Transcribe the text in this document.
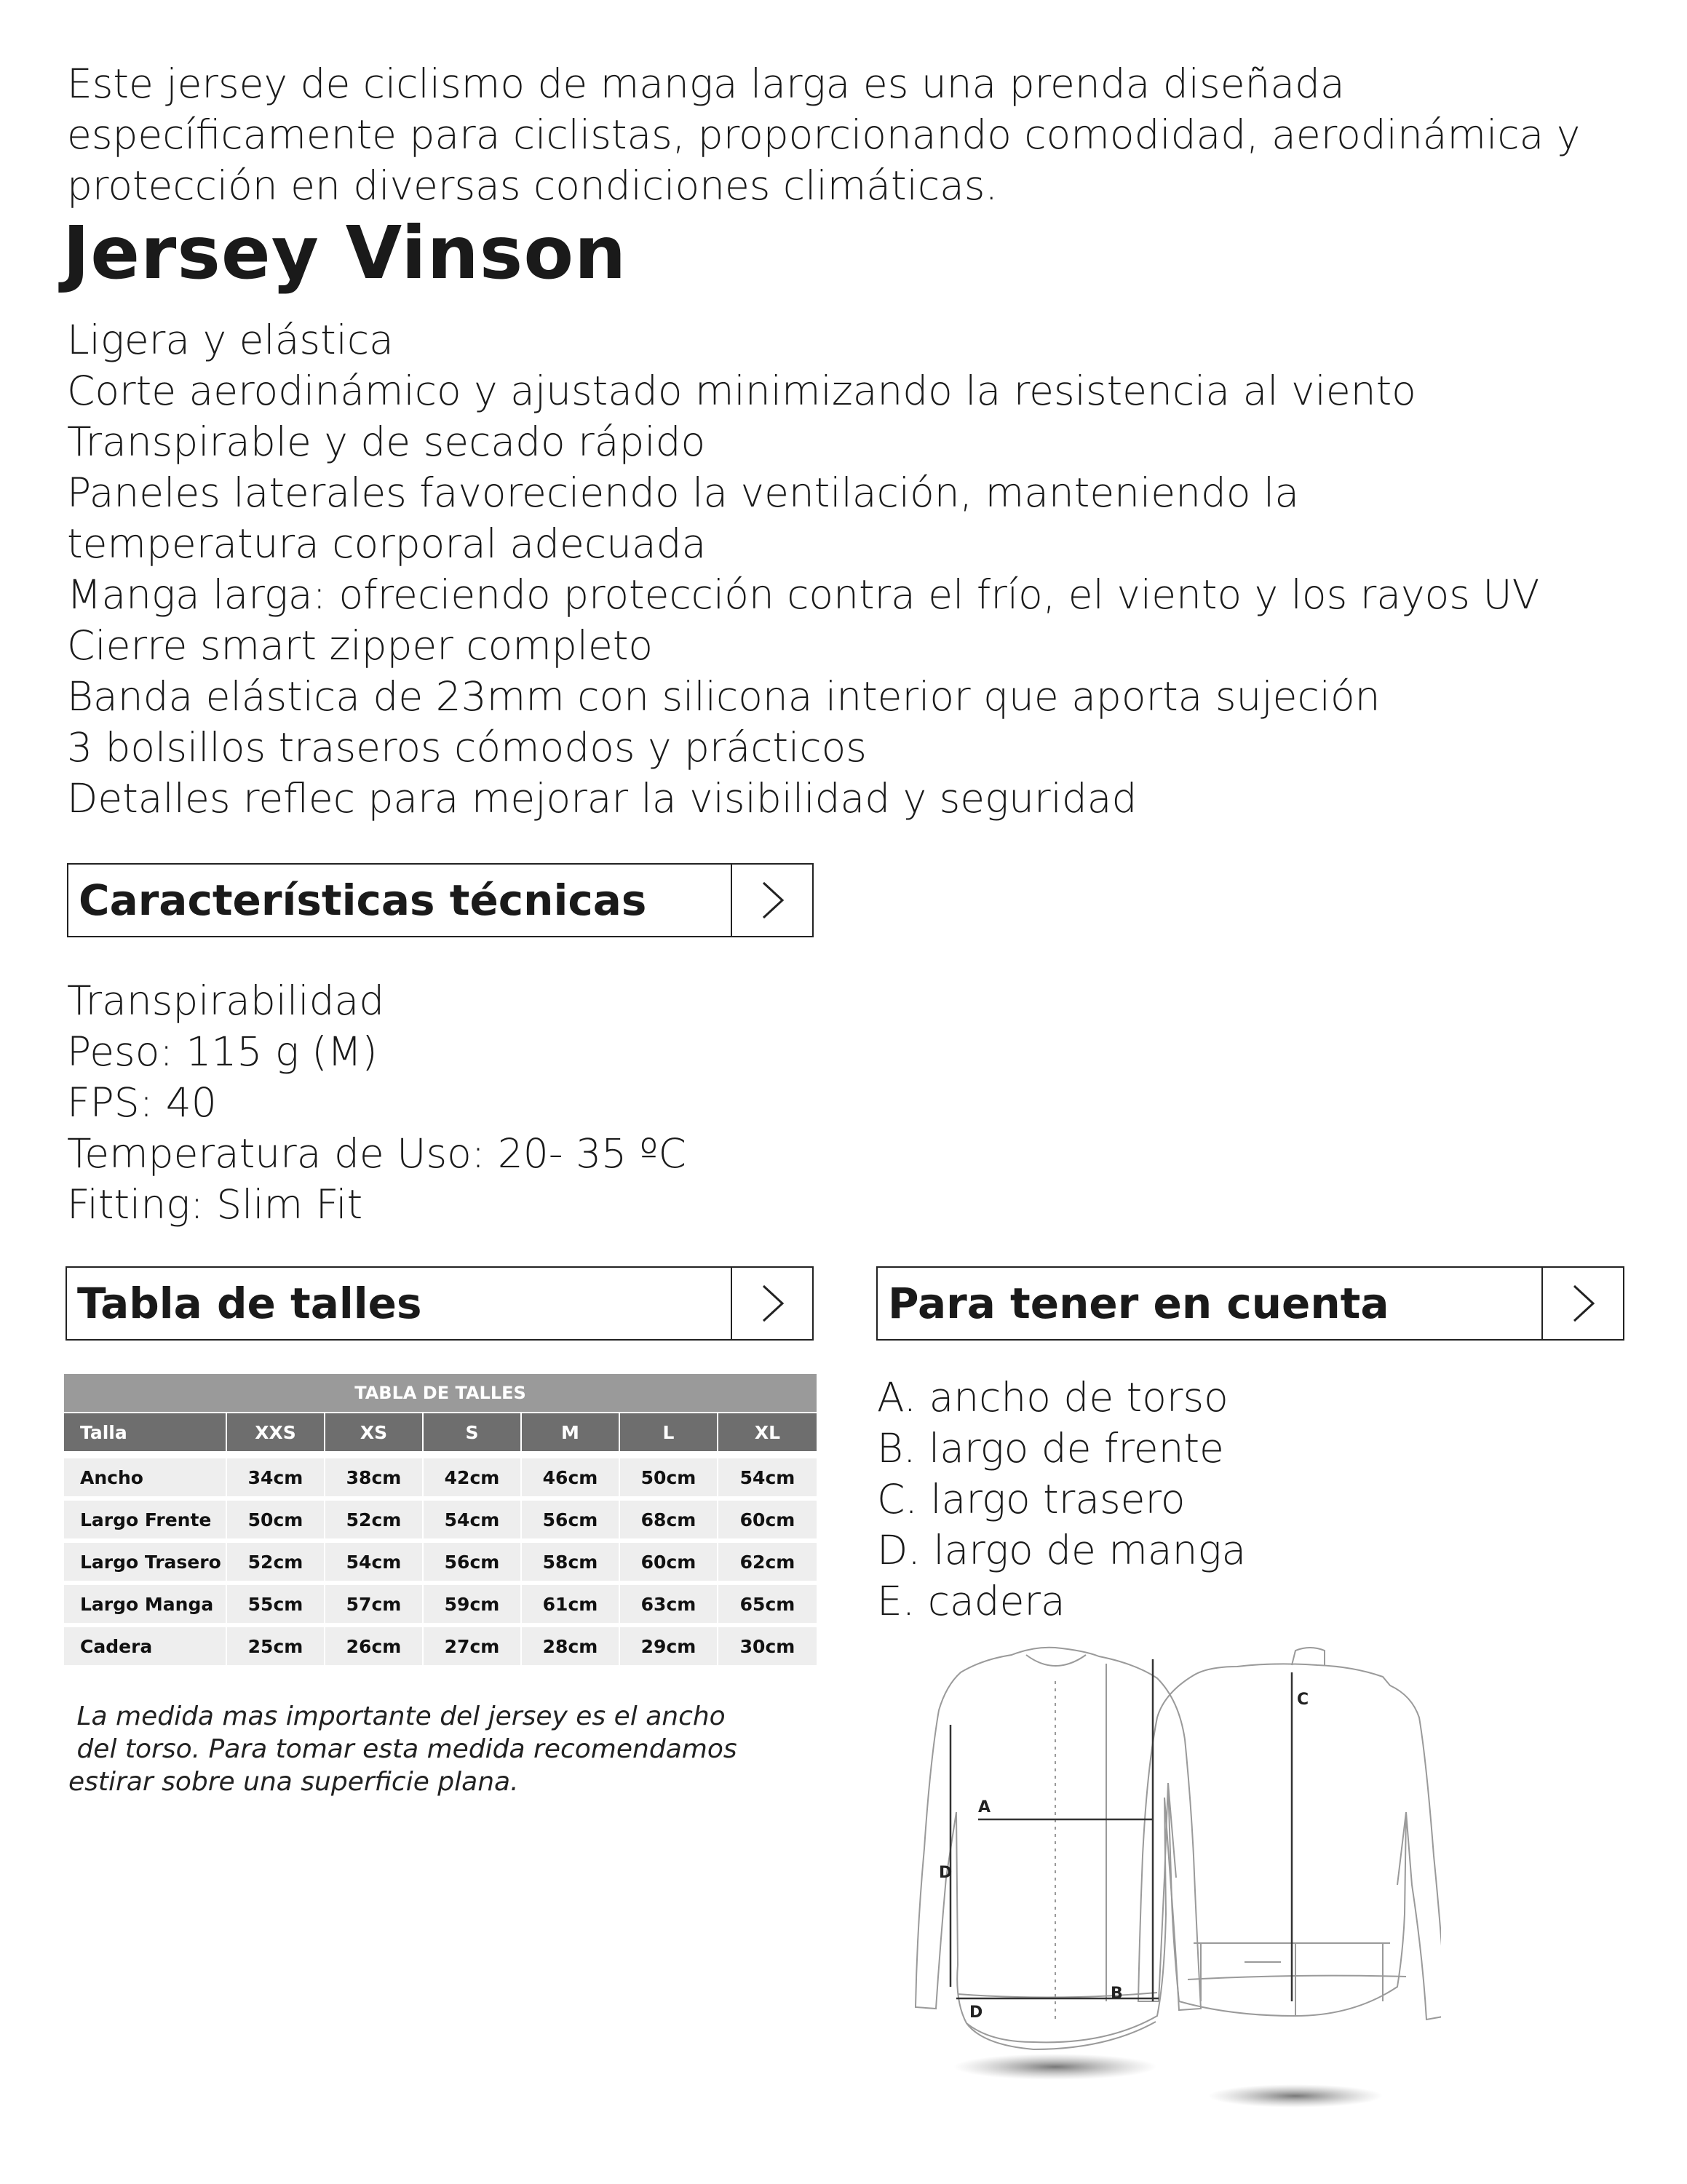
Este jersey de ciclismo de manga larga es una prenda diseñada específicamente para ciclistas, proporcionando comodidad, aerodinámica y protección en diversas condiciones climáticas.
Jersey Vinson
Ligera y elástica
Corte aerodinámico y ajustado minimizando la resistencia al viento
Transpirable y de secado rápido
Paneles laterales favoreciendo la ventilación, manteniendo la
temperatura corporal adecuada
Manga larga: ofreciendo protección contra el frío, el viento y los rayos UV
Cierre smart zipper completo
Banda elástica de 23mm con silicona interior que aporta sujeción
3 bolsillos traseros cómodos y prácticos
Detalles reflec para mejorar la visibilidad y seguridad
Características técnicas
Transpirabilidad
Peso: 115 g (M)
FPS: 40
Temperatura de Uso: 20- 35 ºC
Fitting: Slim Fit
Tabla de talles	Para tener en cuenta
TABLA DE TALLES
Talla	XXS	XS	S	M	L	XL
Ancho	34cm	38cm	42cm	46cm	50cm	54cm
Largo Frente	50cm	52cm	54cm	56cm	68cm	60cm
Largo Trasero	52cm	54cm	56cm	58cm	60cm	62cm
Largo Manga	55cm	57cm	59cm	61cm	63cm	65cm
Cadera	25cm	26cm	27cm	28cm	29cm	30cm
La medida mas importante del jersey es el ancho
del torso. Para tomar esta medida recomendamos
estirar sobre una superficie plana.
A. ancho de torso
B. largo de frente
C. largo trasero
D. largo de manga
E. cadera
A
B
C
D
D
